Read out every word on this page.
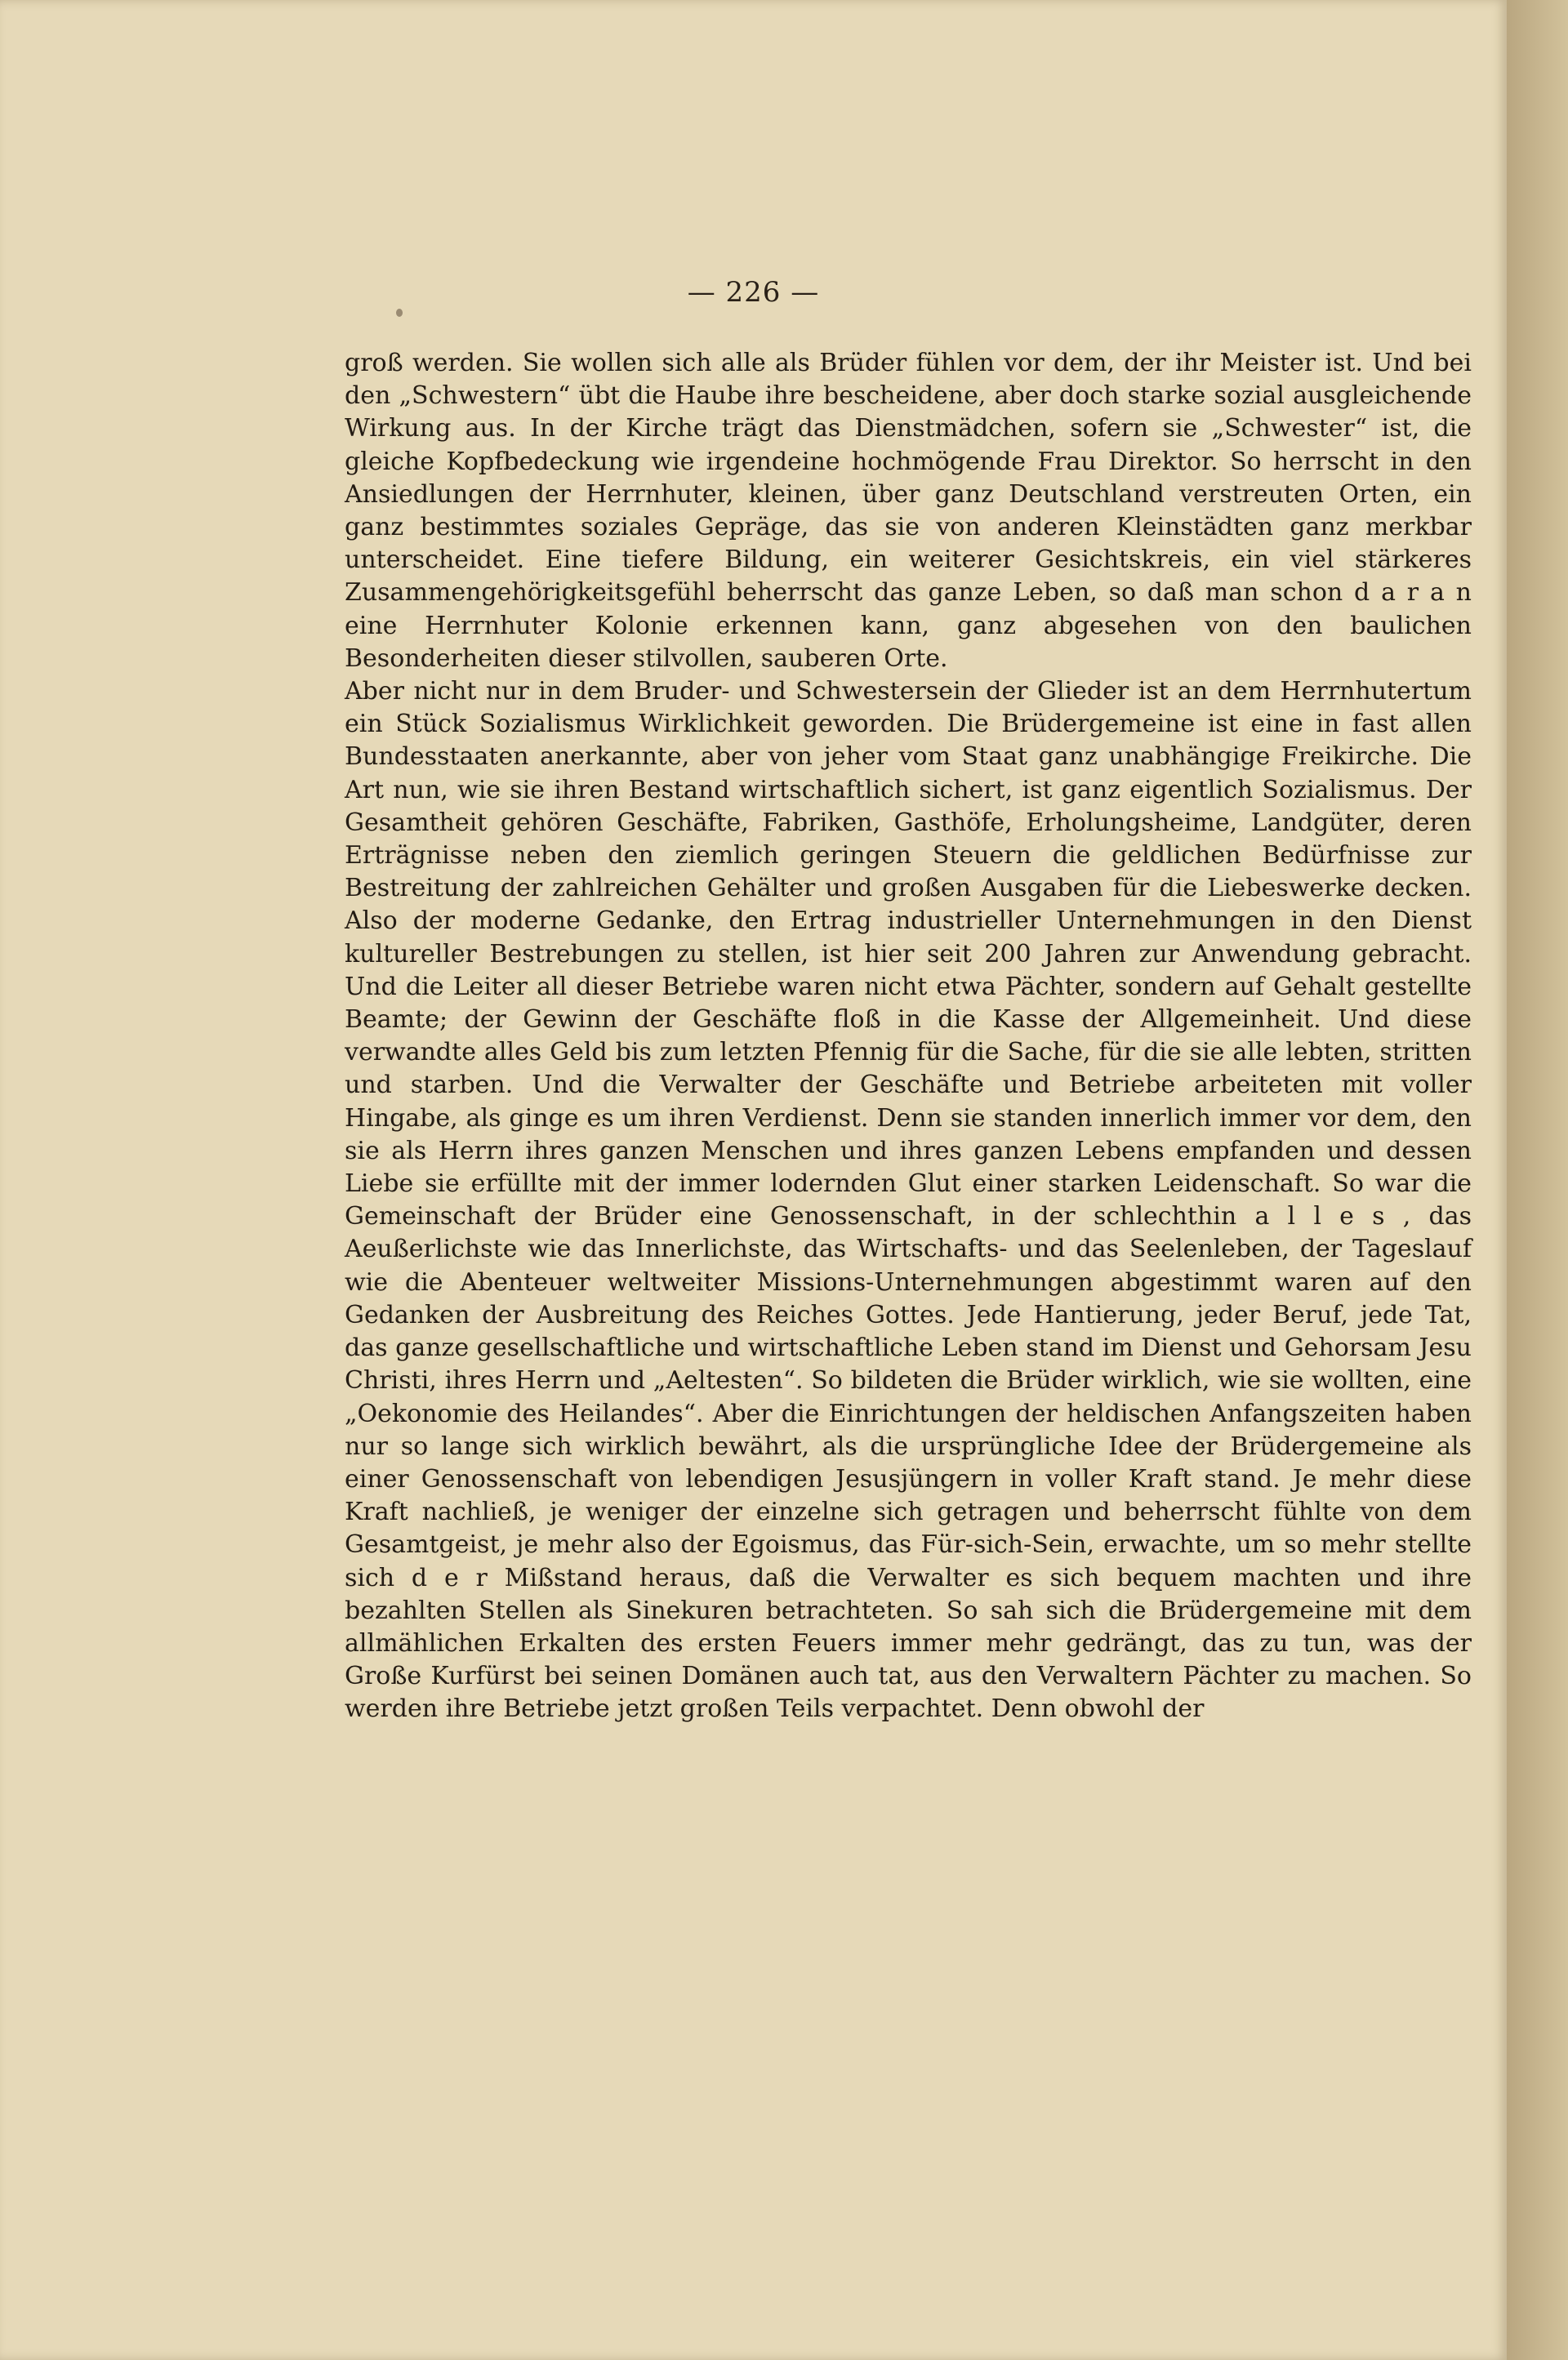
— 226 —

groß werden. Sie wollen sich alle als Brüder fühlen vor dem, der ihr Meister ist. Und bei den „Schwestern“ übt die Haube ihre bescheidene, aber doch starke sozial ausgleichende Wirkung aus. In der Kirche trägt das Dienstmädchen, sofern sie „Schwester“ ist, die gleiche Kopfbedeckung wie irgendeine hochmögende Frau Direktor. So herrscht in den Ansiedlungen der Herrnhuter, kleinen, über ganz Deutschland verstreuten Orten, ein ganz bestimmtes soziales Gepräge, das sie von anderen Kleinstädten ganz merkbar unterscheidet. Eine tiefere Bildung, ein weiterer Gesichtskreis, ein viel stärkeres Zusammengehörigkeitsgefühl beherrscht das ganze Leben, so daß man schon d a r a n eine Herrnhuter Kolonie erkennen kann, ganz abgesehen von den baulichen Besonderheiten dieser stilvollen, sauberen Orte.

Aber nicht nur in dem Bruder- und Schwestersein der Glieder ist an dem Herrnhutertum ein Stück Sozialismus Wirklichkeit geworden. Die Brüdergemeine ist eine in fast allen Bundesstaaten anerkannte, aber von jeher vom Staat ganz unabhängige Freikirche. Die Art nun, wie sie ihren Bestand wirtschaftlich sichert, ist ganz eigentlich Sozialismus. Der Gesamtheit gehören Geschäfte, Fabriken, Gasthöfe, Erholungsheime, Landgüter, deren Erträgnisse neben den ziemlich geringen Steuern die geldlichen Bedürfnisse zur Bestreitung der zahlreichen Gehälter und großen Ausgaben für die Liebeswerke decken. Also der moderne Gedanke, den Ertrag industrieller Unternehmungen in den Dienst kultureller Bestrebungen zu stellen, ist hier seit 200 Jahren zur Anwendung gebracht. Und die Leiter all dieser Betriebe waren nicht etwa Pächter, sondern auf Gehalt gestellte Beamte; der Gewinn der Geschäfte floß in die Kasse der Allgemeinheit. Und diese verwandte alles Geld bis zum letzten Pfennig für die Sache, für die sie alle lebten, stritten und starben. Und die Verwalter der Geschäfte und Betriebe arbeiteten mit voller Hingabe, als ginge es um ihren Verdienst. Denn sie standen innerlich immer vor dem, den sie als Herrn ihres ganzen Menschen und ihres ganzen Lebens empfanden und dessen Liebe sie erfüllte mit der immer lodernden Glut einer starken Leidenschaft. So war die Gemeinschaft der Brüder eine Genossenschaft, in der schlechthin a l l e s , das Aeußerlichste wie das Innerlichste, das Wirtschafts- und das Seelenleben, der Tageslauf wie die Abenteuer weltweiter Missions-Unternehmungen abgestimmt waren auf den Gedanken der Ausbreitung des Reiches Gottes. Jede Hantierung, jeder Beruf, jede Tat, das ganze gesellschaftliche und wirtschaftliche Leben stand im Dienst und Gehorsam Jesu Christi, ihres Herrn und „Aeltesten“. So bildeten die Brüder wirklich, wie sie wollten, eine „Oekonomie des Heilandes“. Aber die Einrichtungen der heldischen Anfangszeiten haben nur so lange sich wirklich bewährt, als die ursprüngliche Idee der Brüdergemeine als einer Genossenschaft von lebendigen Jesusjüngern in voller Kraft stand. Je mehr diese Kraft nachließ, je weniger der einzelne sich getragen und beherrscht fühlte von dem Gesamtgeist, je mehr also der Egoismus, das Für-sich-Sein, erwachte, um so mehr stellte sich d e r Mißstand heraus, daß die Verwalter es sich bequem machten und ihre bezahlten Stellen als Sinekuren betrachteten. So sah sich die Brüdergemeine mit dem allmählichen Erkalten des ersten Feuers immer mehr gedrängt, das zu tun, was der Große Kurfürst bei seinen Domänen auch tat, aus den Verwaltern Pächter zu machen. So werden ihre Betriebe jetzt großen Teils verpachtet. Denn obwohl der
